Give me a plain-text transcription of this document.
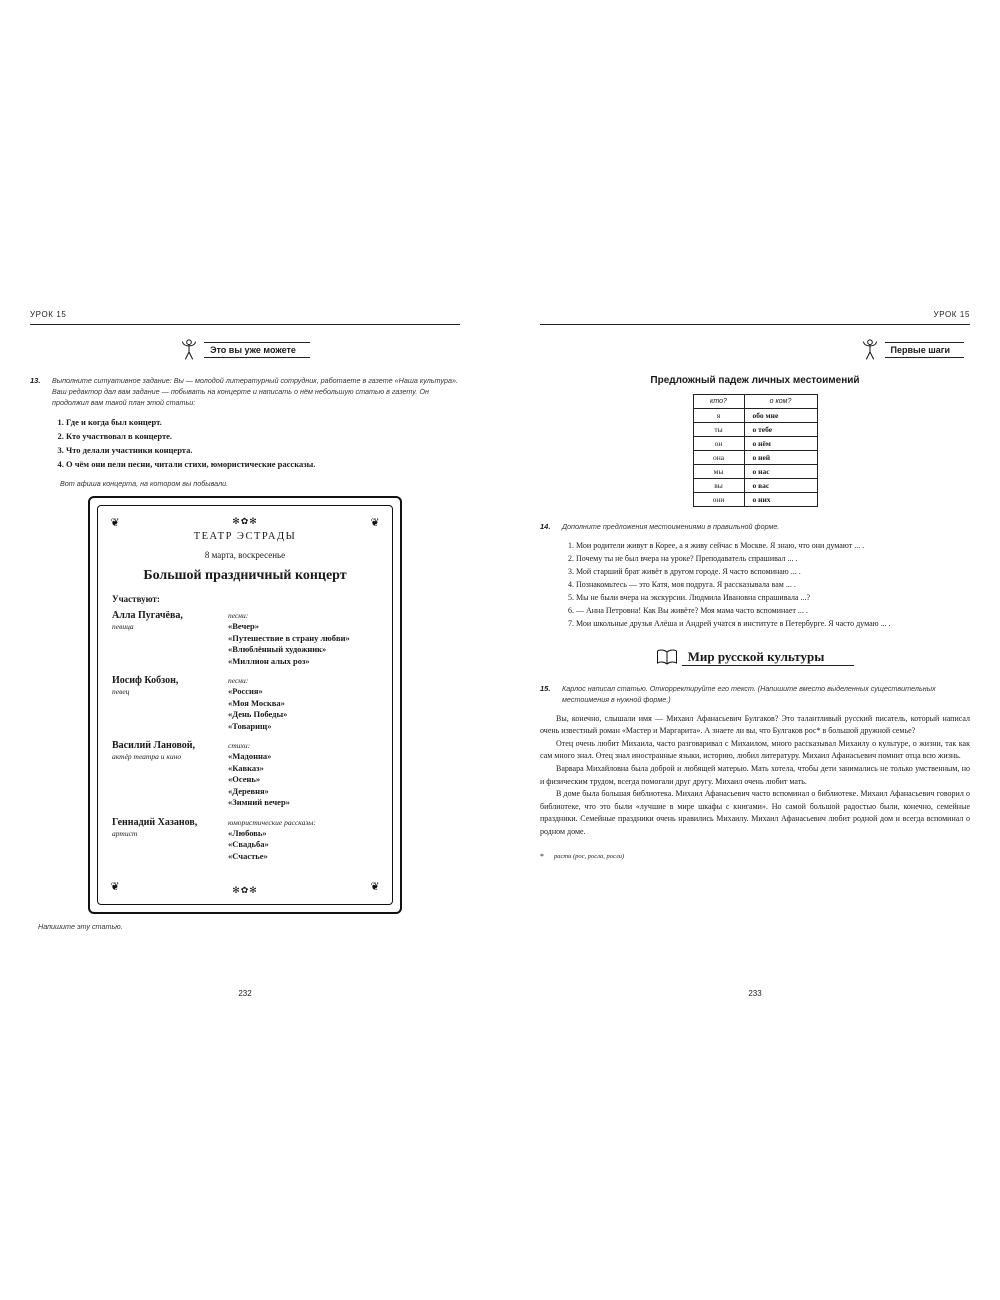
УРОК 15
Это вы уже можете
13.	Выполните ситуативное задание: Вы — молодой литературный сотрудник, работаете в газете «Наша культура». Ваш редактор дал вам задание — побывать на концерте и написать о нём небольшую статью в газету. Он продолжил вам такой план этой статьи:
1. Где и когда был концерт.
2. Кто участвовал в концерте.
3. Что делали участники концерта.
4. О чём они пели песни, читали стихи, юмористические рассказы.
Вот афиша концерта, на котором вы побывали.
❦	❦
❦	❦
✻✿✻
ТЕАТР ЭСТРАДЫ
8 марта, воскресенье
Большой праздничный концерт
Участвуют:
Алла Пугачёва,
певица
песни:
«Вечер»
«Путешествие в страну любви»
«Влюблённый художник»
«Миллион алых роз»
Иосиф Кобзон,
певец
песни:
«Россия»
«Моя Москва»
«День Победы»
«Товарищ»
Василий Лановой,
актёр театра и кино
стихи:
«Мадонна»
«Кавказ»
«Осень»
«Деревня»
«Зимний вечер»
Геннадий Хазанов,
артист
юмористические рассказы:
«Любовь»
«Свадьба»
«Счастье»
✻✿✻
Напишите эту статью.
232
УРОК 15
Первые шаги
Предложный падеж личных местоимений
кто?	о ком?
я	обо мне
ты	о тебе
он	о нём
она	о ней
мы	о нас
вы	о вас
они	о них
14.	Дополните предложения местоимениями в правильной форме.
1. Мои родители живут в Корее, а я живу сейчас в Москве. Я знаю, что они думают ... .
2. Почему ты не был вчера на уроке? Преподаватель спрашивал ... .
3. Мой старший брат живёт в другом городе. Я часто вспоминаю ... .
4. Познакомьтесь — это Катя, моя подруга. Я рассказывала вам ... .
5. Мы не были вчера на экскурсии. Людмила Ивановна спрашивала ...?
6. — Анна Петровна! Как Вы живёте? Моя мама часто вспоминает ... .
7. Мои школьные друзья Алёша и Андрей учатся в институте в Петербурге. Я часто думаю ... .
Мир русской культуры
15.	Карлос написал статью. Откорректируйте его текст. (Напишите вместо выделенных существительных местоимения в нужной форме.)

Вы, конечно, слышали имя — Михаил Афанасьевич Булгаков? Это талантливый русский писатель, который написал очень известный роман «Мастер и Маргарита». А знаете ли вы, что Булгаков рос* в большой дружной семье?

Отец очень любит Михаила, часто разговаривал с Михаилом, много рассказывал Михаилу о культуре, о жизни, так как сам много знал. Отец знал иностранные языки, историю, любил литературу. Михаил Афанасьевич помнит отца всю жизнь.

Варвара Михайловна была доброй и любящей матерью. Мать хотела, чтобы дети занимались не только умственным, но и физическим трудом, всегда помогали друг другу. Михаил очень любит мать.

В доме была большая библиотека. Михаил Афанасьевич часто вспоминал о библиотеке. Михаил Афанасьевич говорил о библиотеке, что это были «лучшие в мире шкафы с книгами». Но самой большой радостью были, конечно, семейные праздники. Семейные праздники очень нравились Михаилу. Михаил Афанасьевич любит родной дом и всегда вспоминал о родном доме.

* расти (рос, росла, росли)
233
